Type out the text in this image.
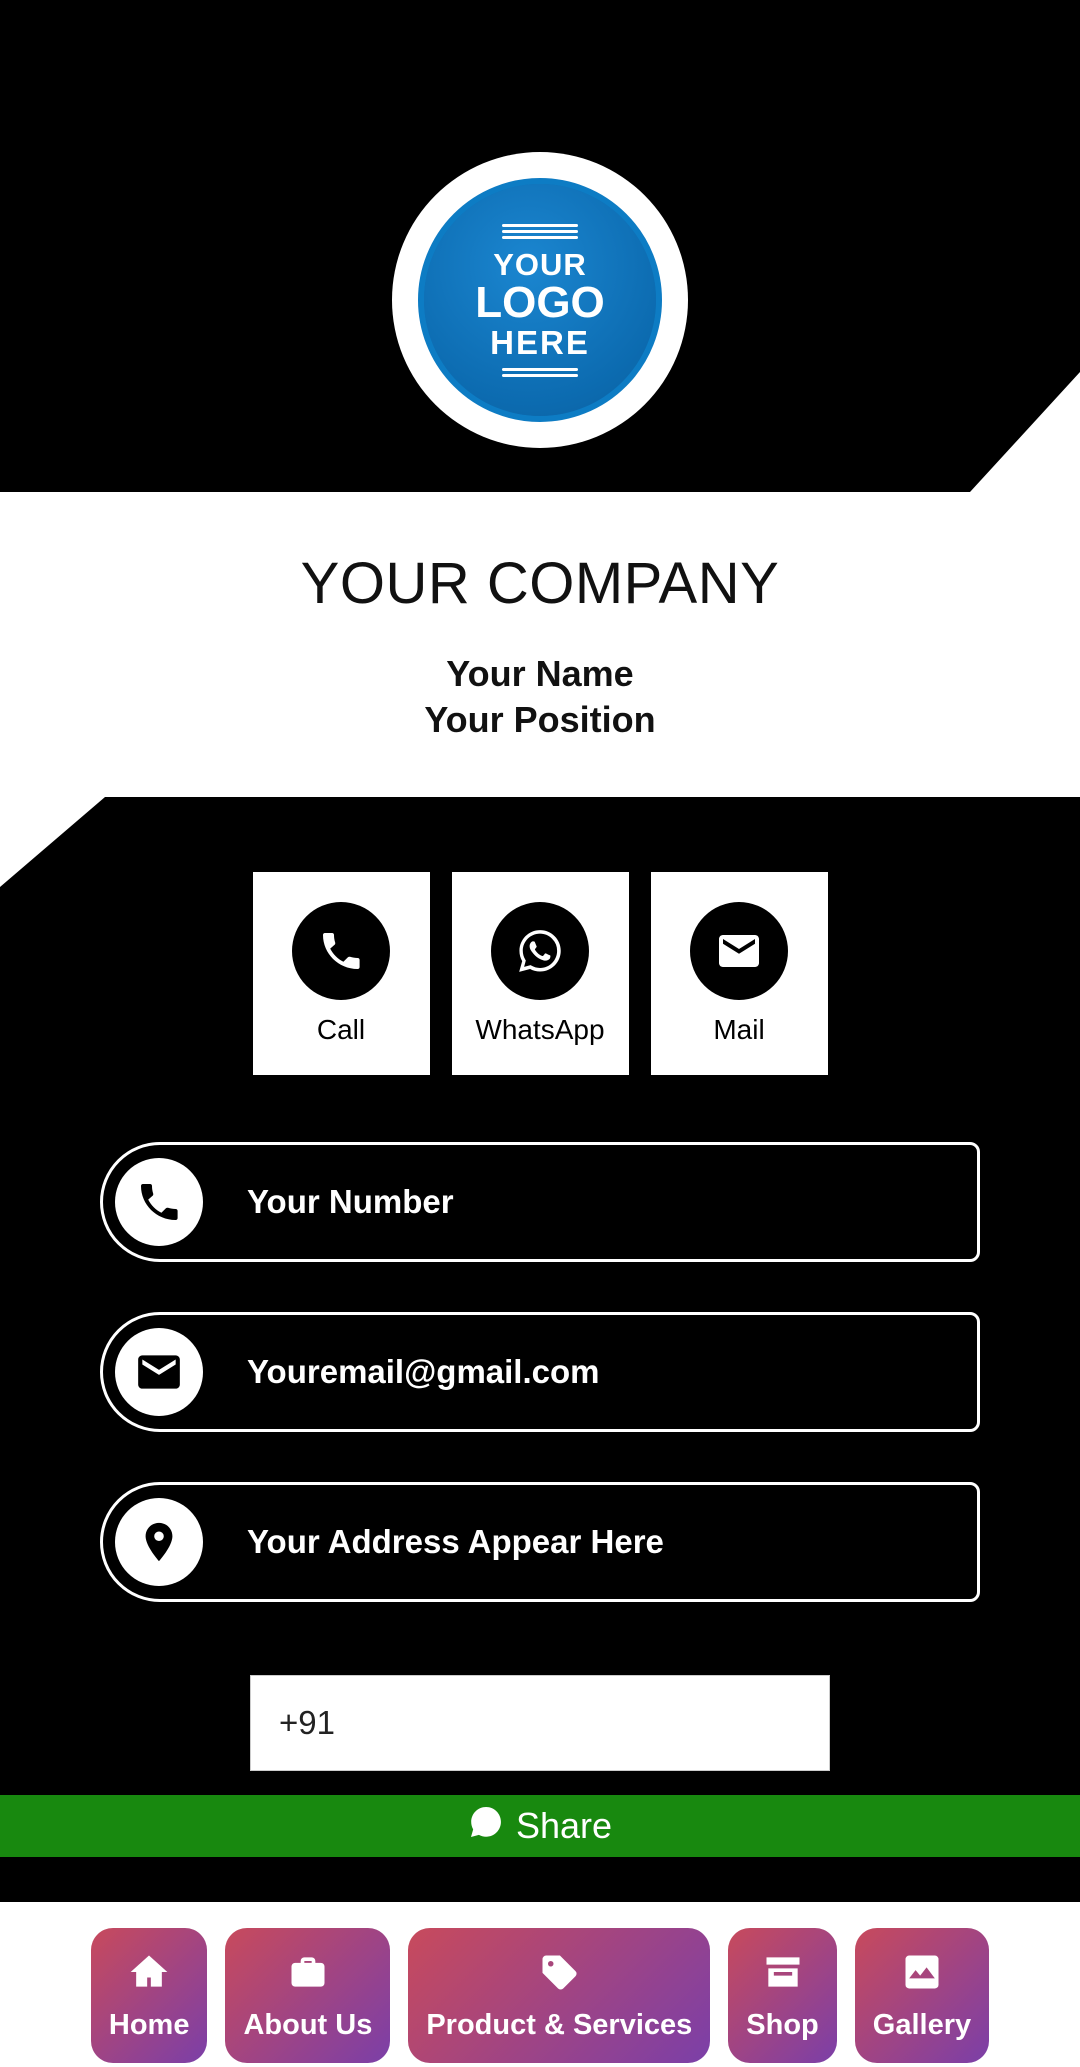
YOUR
LOGO
HERE
YOUR COMPANY
Your Name
Your Position
Call	WhatsApp	Mail
Your Number
Youremail@gmail.com
Your Address Appear Here
+91
Share
Home About Us Product & Services Shop Gallery
